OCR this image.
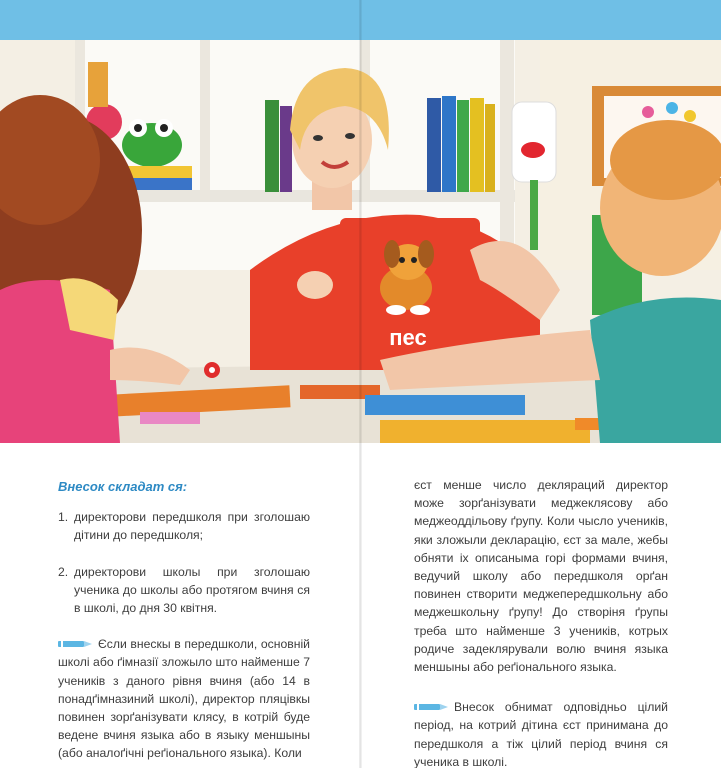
пес
Внесок складат ся:
1. директорови передшколя при зголошаю дітини до передшколя;
2. директорови школы при зголошаю ученика до школы або протягом вчиня ся в школі, до дня 30 квітня.

Єсли внескы в передшколи, основній школі або ґімназії зложыло што найменше 7 учеників з даного рівня вчиня (або 14 в понадґімназиний школі), директор пляцівкы повинен зорґанізувати клясу, в котрій буде ведене вчиня языка або в языку меншыны (або аналоґічні реґіонального языка). Коли

єст менше число декляраций директор може зорґанізувати меджеклясову або меджеоддільову ґрупу. Коли чысло учеників, яки зложыли декларацію, єст за мале, жебы обняти іх описаныма горі формами вчиня, ведучий школу або передшколя орґан повинен створити меджепередшкольну або меджешкольну ґрупу! До створіня ґрупы треба што найменше 3 учеників, котрых родиче задеклярували волю вчиня языка меншыны або реґіонального языка.

Внесок обнимат одповідньо цілий період, на котрий дітина єст принимана до передшколя а тіж цілий період вчиня ся ученика в школі.
